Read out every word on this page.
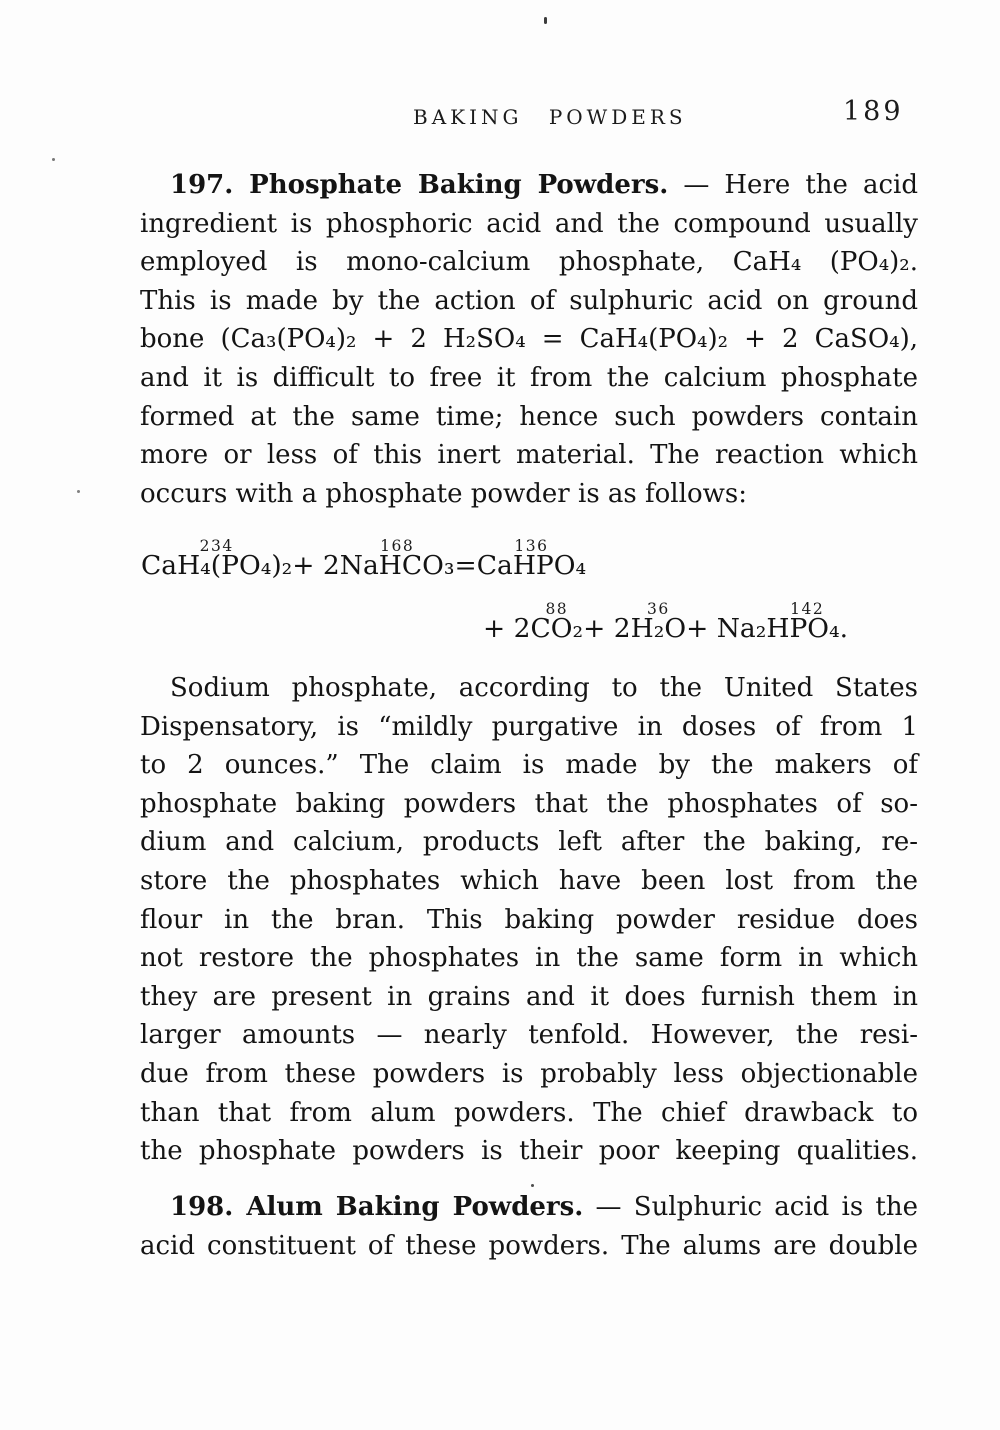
BAKING POWDERS	189
197. Phosphate Baking Powders. — Here the acid
ingredient is phosphoric acid and the compound usually
employed is mono-calcium phosphate, CaH₄ (PO₄)₂.
This is made by the action of sulphuric acid on ground
bone (Ca₃(PO₄)₂ + 2 H₂SO₄ = CaH₄(PO₄)₂ + 2 CaSO₄),
and it is difficult to free it from the calcium phosphate
formed at the same time; hence such powders contain
more or less of this inert material. The reaction which
occurs with a phosphate powder is as follows:
234
CaH₄(PO₄)₂+ 2
168
NaHCO₃=
136
CaHPO₄
+ 2
88
CO₂+ 2
36
H₂O+ Na₂
142
HPO₄.
Sodium phosphate, according to the United States
Dispensatory, is “mildly purgative in doses of from 1
to 2 ounces.” The claim is made by the makers of
phosphate baking powders that the phosphates of so-
dium and calcium, products left after the baking, re-
store the phosphates which have been lost from the
flour in the bran. This baking powder residue does
not restore the phosphates in the same form in which
they are present in grains and it does furnish them in
larger amounts — nearly tenfold. However, the resi-
due from these powders is probably less objectionable
than that from alum powders. The chief drawback to
the phosphate powders is their poor keeping qualities.
198. Alum Baking Powders. — Sulphuric acid is the
acid constituent of these powders. The alums are double
